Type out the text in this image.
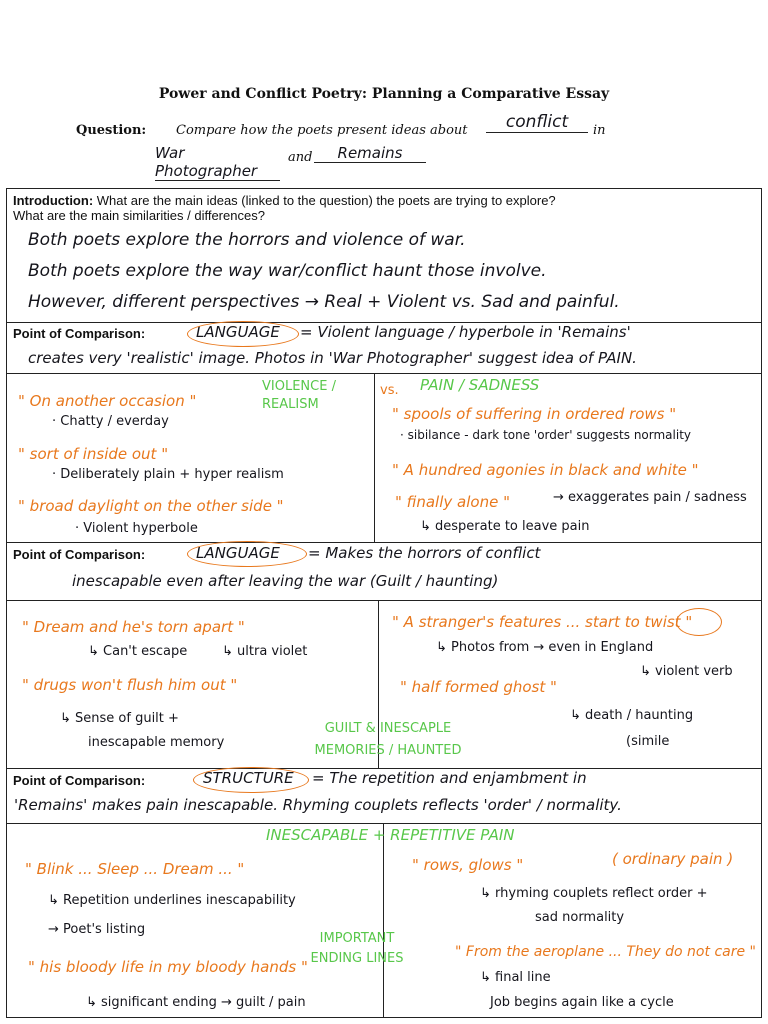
Power and Conflict Poetry: Planning a Comparative Essay
Question: Compare how the poets present ideas about	conflict	in
War Photographer
and	Remains
Introduction: What are the main ideas (linked to the question) the poets are trying to explore?
What are the main similarities / differences?
Both poets explore the horrors and violence of war.
Both poets explore the way war/conflict haunt those involve.
However, different perspectives → Real + Violent vs. Sad and painful.
Point of Comparison:	LANGUAGE = Violent language / hyperbole in 'Remains'
creates very 'realistic' image. Photos in 'War Photographer' suggest idea of PAIN.
VIOLENCE / REALISM
vs. PAIN / SADNESS
" On another occasion "
· Chatty / everday
" sort of inside out "
· Deliberately plain + hyper realism
" broad daylight on the other side "
· Violent hyperbole
" spools of suffering in ordered rows "
· sibilance - dark tone 'order' suggests normality
" A hundred agonies in black and white "
" finally alone "	→ exaggerates pain / sadness
↳ desperate to leave pain
Point of Comparison:	LANGUAGE = Makes the horrors of conflict
inescapable even after leaving the war (Guilt / haunting)
" Dream and he's torn apart "
↳ Can't escape	↳ ultra violet
" drugs won't flush him out "
↳ Sense of guilt +
inescapable memory
GUILT & INESCAPLE MEMORIES / HAUNTED
" A stranger's features ... start to twist "
↳ Photos from → even in England
↳ violent verb
" half formed ghost "
↳ death / haunting
(simile
Point of Comparison:	STRUCTURE = The repetition and enjambment in
'Remains' makes pain inescapable. Rhyming couplets reflects 'order' / normality.
INESCAPABLE + REPETITIVE PAIN
" Blink ... Sleep ... Dream ... "
↳ Repetition underlines inescapability
→ Poet's listing
" his bloody life in my bloody hands "
↳ significant ending → guilt / pain
IMPORTANT ENDING LINES
" rows, glows "	( ordinary pain )
↳ rhyming couplets reflect order +
sad normality
" From the aeroplane ... They do not care "
↳ final line
Job begins again like a cycle
